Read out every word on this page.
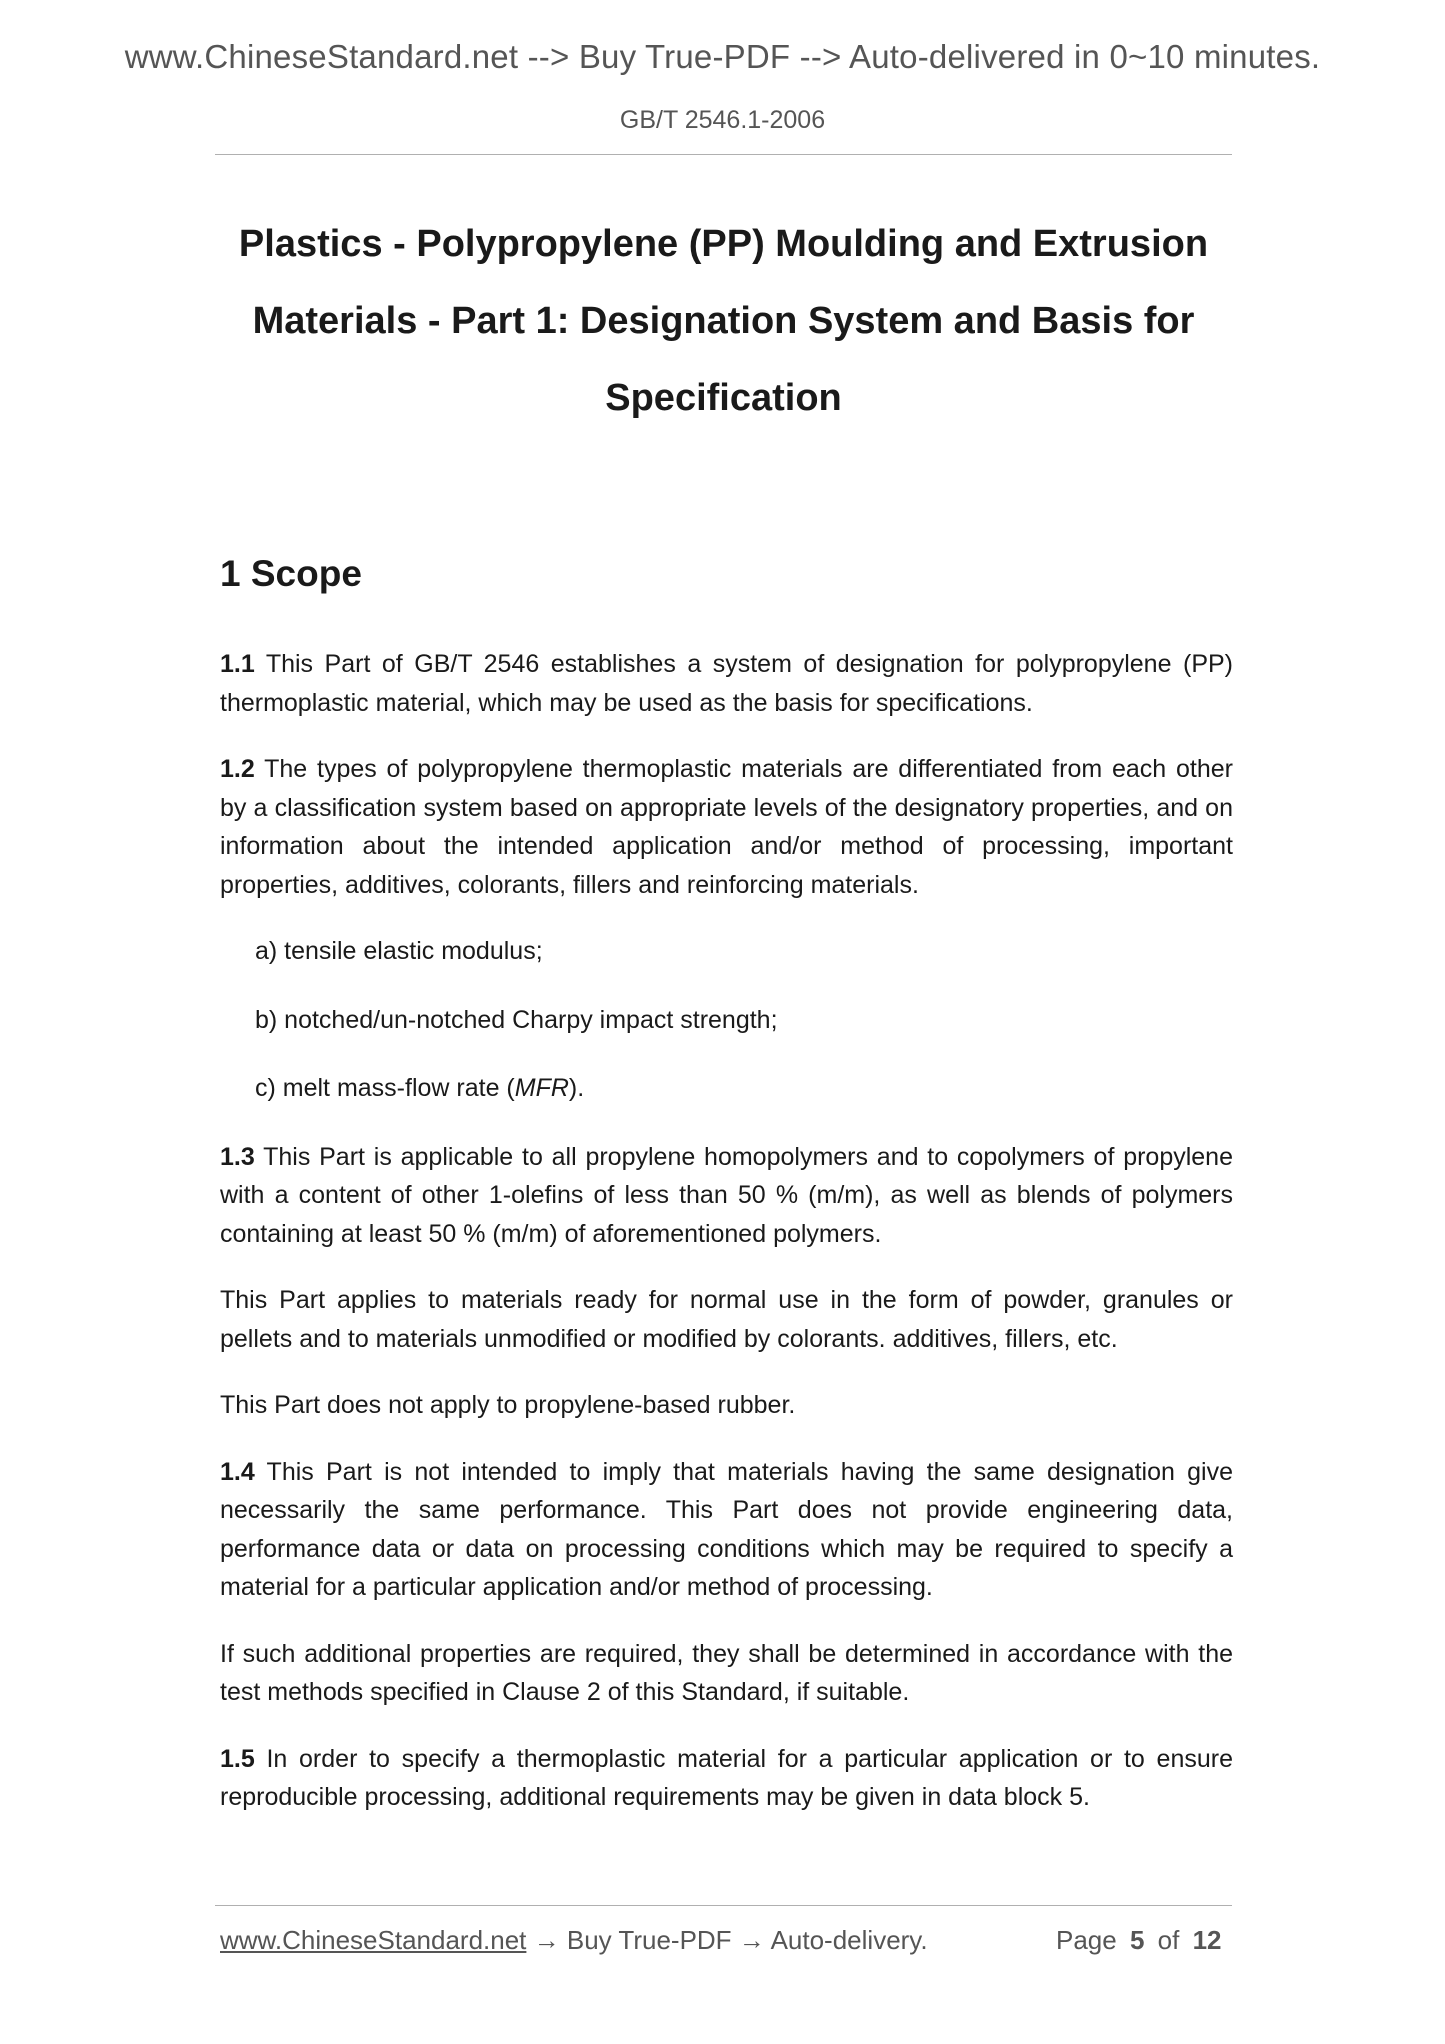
www.ChineseStandard.net --> Buy True-PDF --> Auto-delivered in 0~10 minutes.
GB/T 2546.1-2006
Plastics - Polypropylene (PP) Moulding and Extrusion
Materials - Part 1: Designation System and Basis for
Specification
1 Scope

1.1 This Part of GB/T 2546 establishes a system of designation for polypropylene (PP) thermoplastic material, which may be used as the basis for specifications.

1.2 The types of polypropylene thermoplastic materials are differentiated from each other by a classification system based on appropriate levels of the designatory properties, and on information about the intended application and/or method of processing, important properties, additives, colorants, fillers and reinforcing materials.

a) tensile elastic modulus;

b) notched/un-notched Charpy impact strength;

c) melt mass-flow rate (MFR).

1.3 This Part is applicable to all propylene homopolymers and to copolymers of propylene with a content of other 1-olefins of less than 50 % (m/m), as well as blends of polymers containing at least 50 % (m/m) of aforementioned polymers.

This Part applies to materials ready for normal use in the form of powder, granules or pellets and to materials unmodified or modified by colorants. additives, fillers, etc.

This Part does not apply to propylene-based rubber.

1.4 This Part is not intended to imply that materials having the same designation give necessarily the same performance. This Part does not provide engineering data, performance data or data on processing conditions which may be required to specify a material for a particular application and/or method of processing.

If such additional properties are required, they shall be determined in accordance with the test methods specified in Clause 2 of this Standard, if suitable.

1.5 In order to specify a thermoplastic material for a particular application or to ensure reproducible processing, additional requirements may be given in data block 5.

www.ChineseStandard.net → Buy True-PDF → Auto-delivery.	Page 5 of 12
